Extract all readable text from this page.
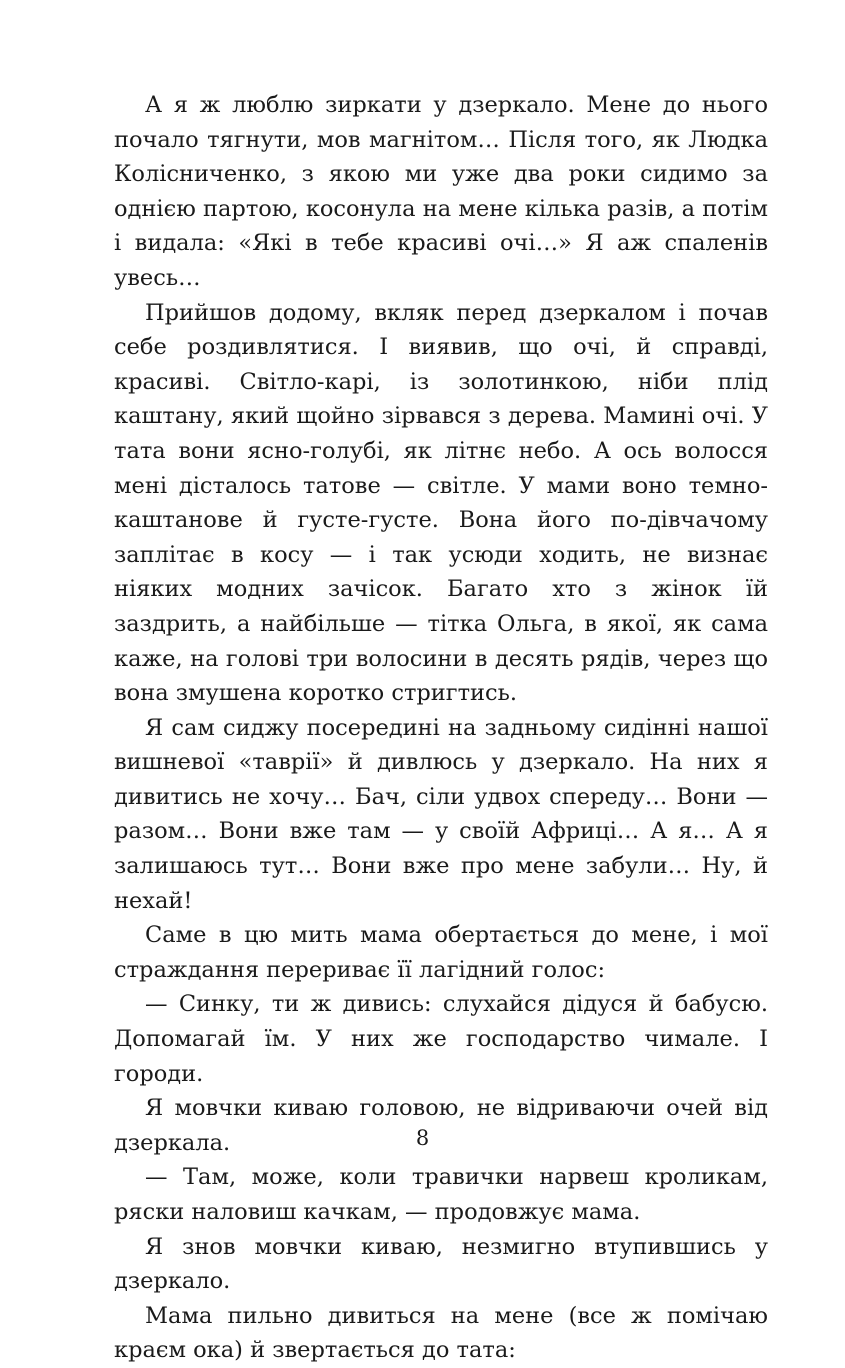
А я ж люблю зиркати у дзеркало. Мене до нього почало тягнути, мов магнітом… Після того, як Людка Колісниченко, з якою ми уже два роки сидимо за однією партою, косонула на мене кілька разів, а потім і видала: «Які в тебе красиві очі…» Я аж спаленів увесь…

Прийшов додому, вкляк перед дзеркалом і почав себе роздивлятися. І виявив, що очі, й справді, красиві. Світло-карі, із золотинкою, ніби плід каштану, який щойно зірвався з дерева. Мамині очі. У тата вони ясно-голубі, як літнє небо. А ось волосся мені дісталось татове — світле. У мами воно темно-каштанове й густе-густе. Вона його по-дівчачому заплітає в косу — і так усюди ходить, не визнає ніяких модних зачісок. Багато хто з жінок їй заздрить, а найбільше — тітка Ольга, в якої, як сама каже, на голові три волосини в десять рядів, через що вона змушена коротко стригтись.

Я сам сиджу посередині на задньому сидінні нашої вишневої «таврії» й дивлюсь у дзеркало. На них я дивитись не хочу… Бач, сіли удвох спереду… Вони — разом… Вони вже там — у своїй Африці… А я… А я залишаюсь тут… Вони вже про мене забули… Ну, й нехай!

Саме в цю мить мама обертається до мене, і мої страждання перериває її лагідний голос:

— Синку, ти ж дивись: слухайся дідуся й бабусю. Допомагай їм. У них же господарство чимале. І городи.

Я мовчки киваю головою, не відриваючи очей від дзеркала.

— Там, може, коли травички нарвеш кроликам, ряски наловиш качкам, — продовжує мама.

Я знов мовчки киваю, незмигно втупившись у дзеркало.

Мама пильно дивиться на мене (все ж помічаю краєм ока) й звертається до тата:

8
